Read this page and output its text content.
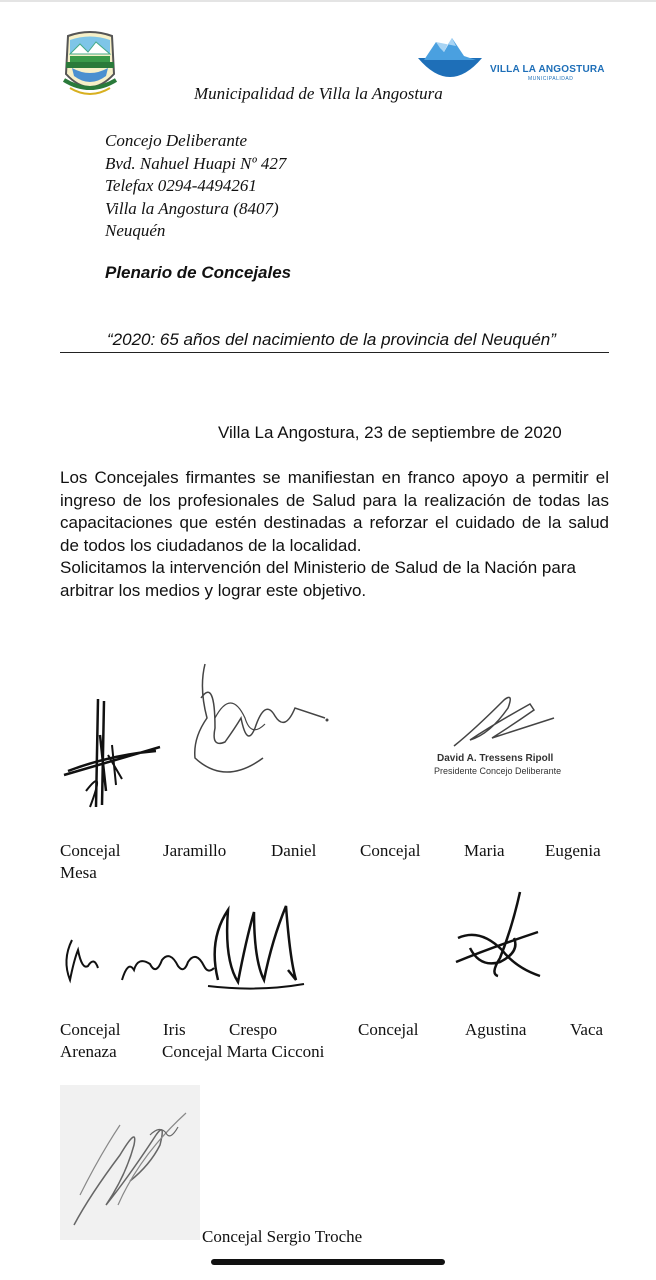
VILLA LA ANGOSTURA
MUNICIPALIDAD
Municipalidad de Villa la Angostura
Concejo Deliberante
Bvd. Nahuel Huapi Nº 427
Telefax 0294-4494261
Villa la Angostura (8407)
Neuquén
Plenario de Concejales
“2020: 65 años del nacimiento de la provincia del Neuquén”
Villa La Angostura, 23 de septiembre de 2020

Los Concejales firmantes se manifiestan en franco apoyo a permitir el ingreso de los profesionales de Salud para la realización de todas las capacitaciones que estén destinadas a reforzar el cuidado de la salud de todos los ciudadanos de la localidad.

Solicitamos la intervención del Ministerio de Salud de la Nación para arbitrar los medios y lograr este objetivo.

David A. Tressens Ripoll
Presidente Concejo Deliberante
Concejal	Jaramillo	Daniel	Concejal	Maria Eugenia
Mesa
Concejal	Iris	Crespo	Concejal	Agustina	Vaca
Arenaza	Concejal Marta Cicconi
Concejal Sergio Troche
